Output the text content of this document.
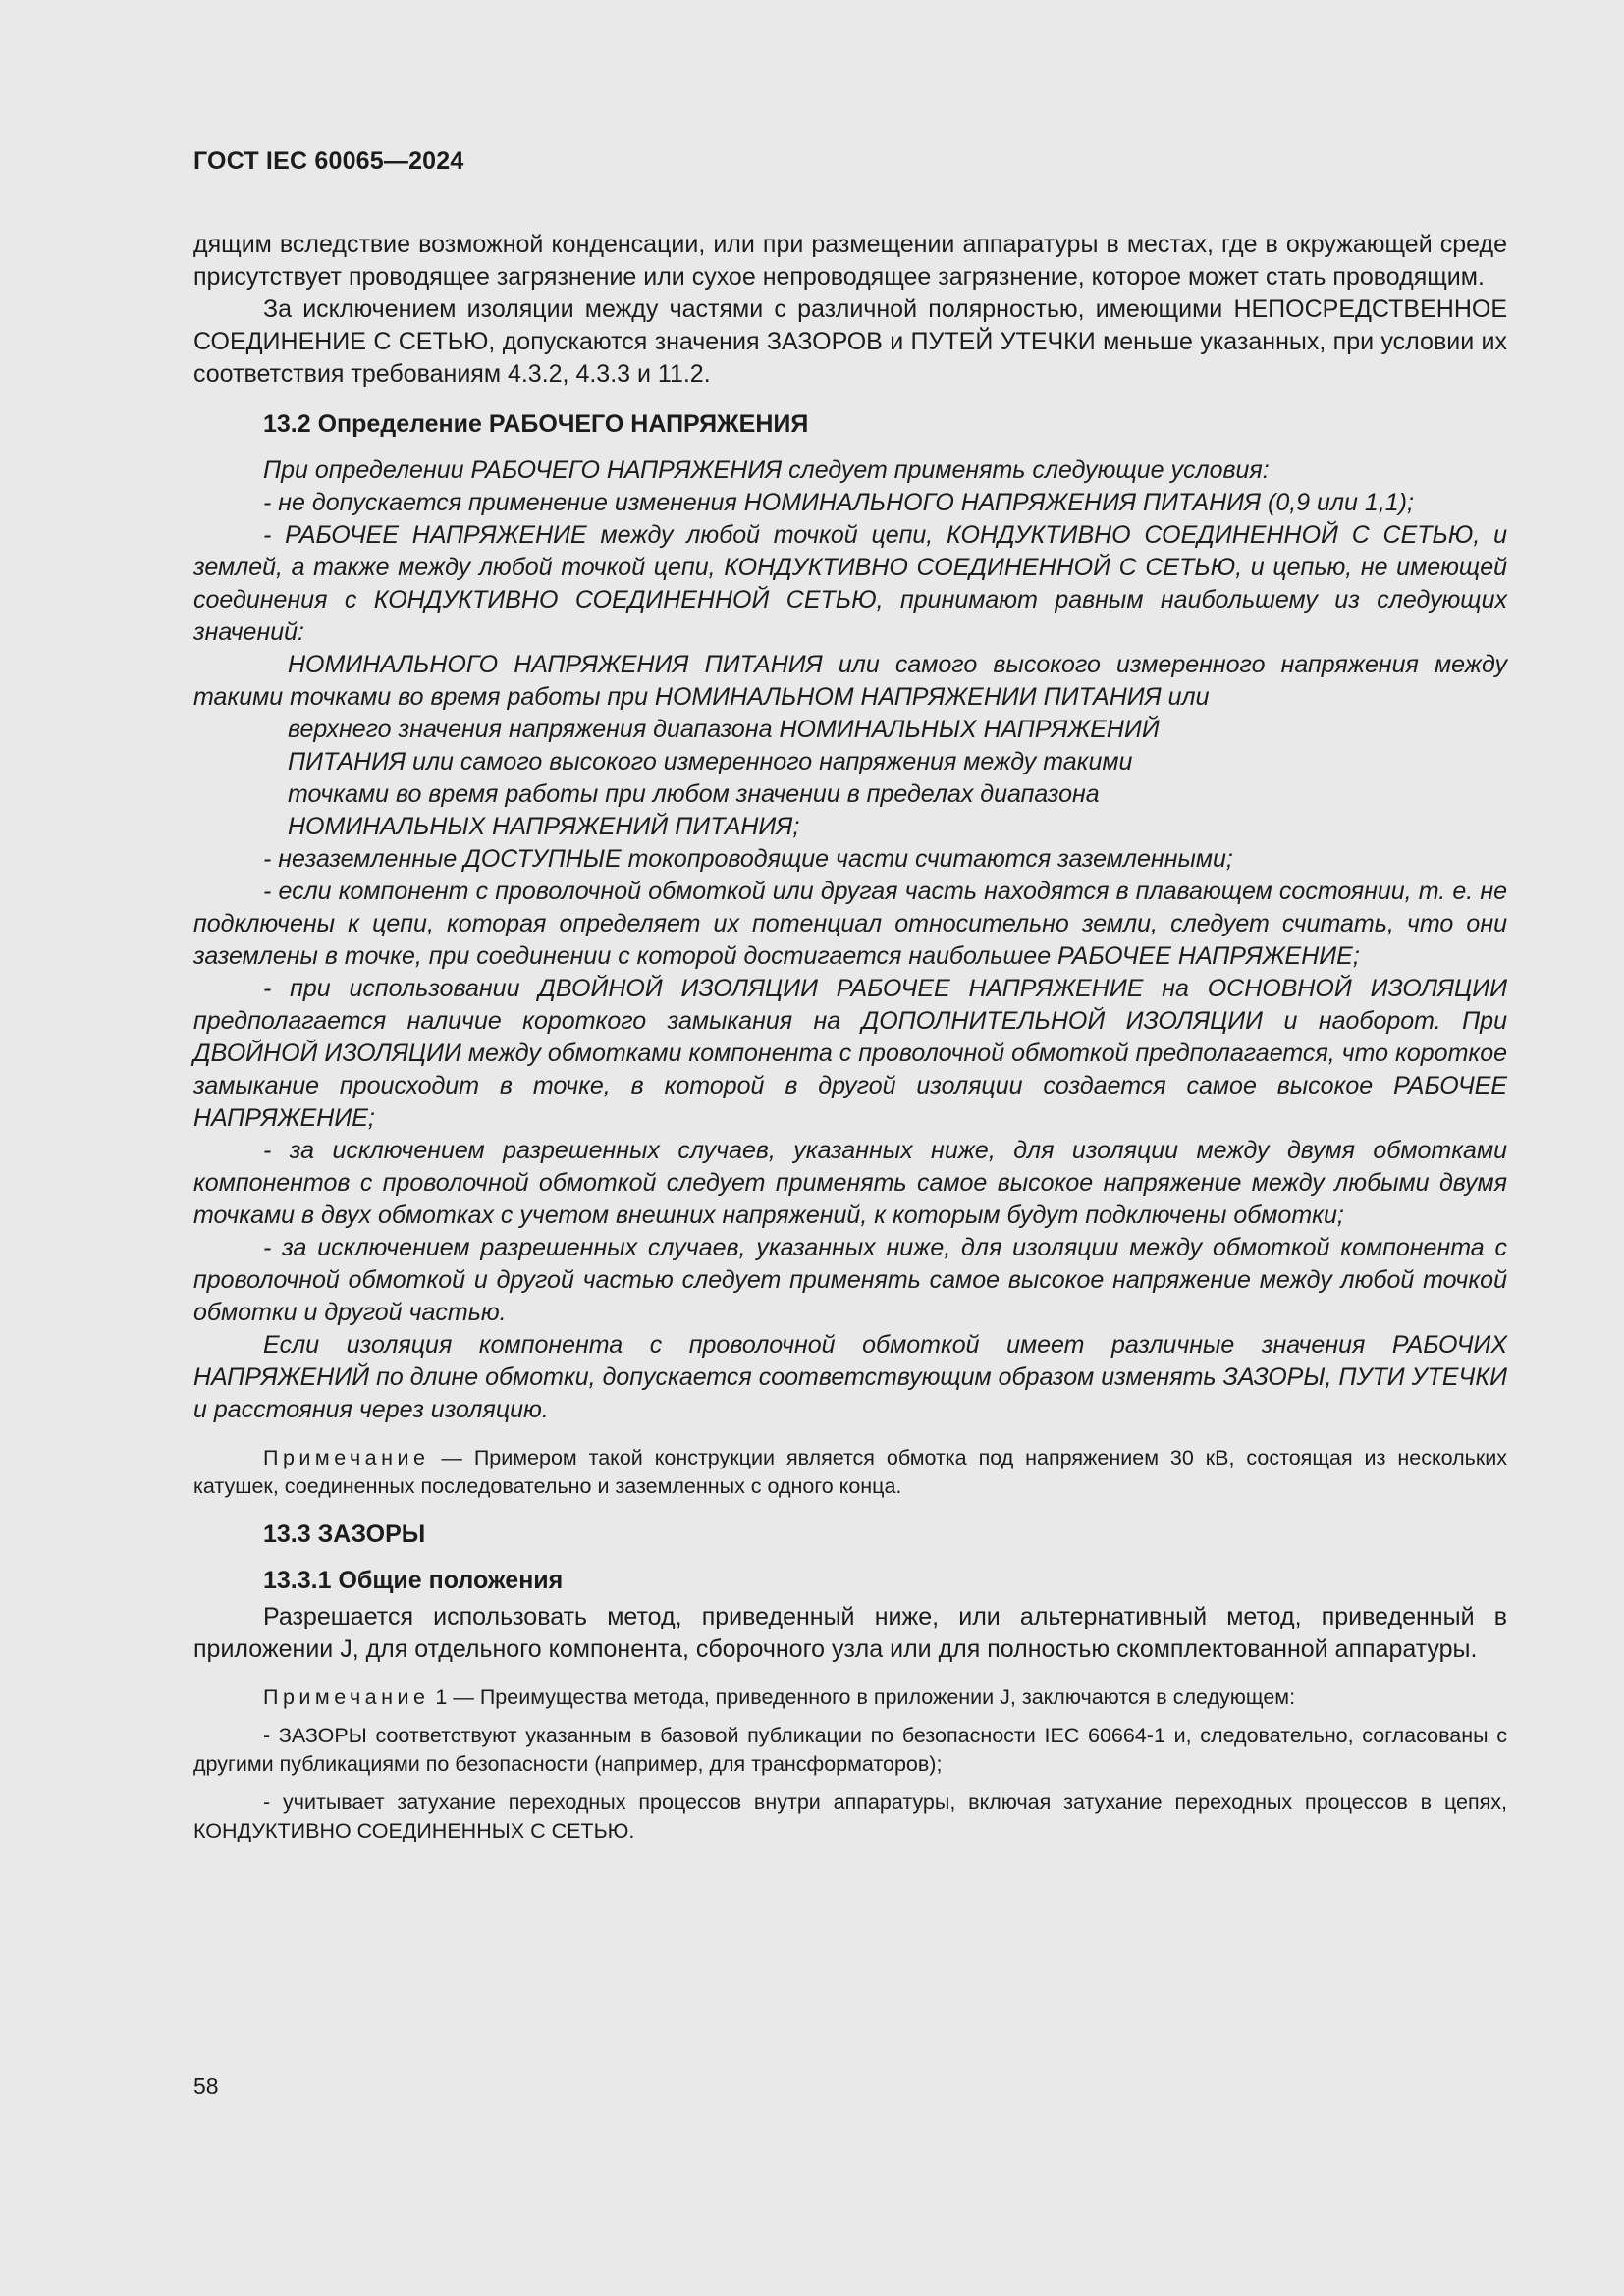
ГОСТ IEC 60065—2024

дящим вследствие возможной конденсации, или при размещении аппаратуры в местах, где в окружающей среде присутствует проводящее загрязнение или сухое непроводящее загрязнение, которое может стать проводящим.

За исключением изоляции между частями с различной полярностью, имеющими НЕПОСРЕДСТВЕННОЕ СОЕДИНЕНИЕ С СЕТЬЮ, допускаются значения ЗАЗОРОВ и ПУТЕЙ УТЕЧКИ меньше указанных, при условии их соответствия требованиям 4.3.2, 4.3.3 и 11.2.

13.2 Определение РАБОЧЕГО НАПРЯЖЕНИЯ

При определении РАБОЧЕГО НАПРЯЖЕНИЯ следует применять следующие условия:

- не допускается применение изменения НОМИНАЛЬНОГО НАПРЯЖЕНИЯ ПИТАНИЯ (0,9 или 1,1);

- РАБОЧЕЕ НАПРЯЖЕНИЕ между любой точкой цепи, КОНДУКТИВНО СОЕДИНЕННОЙ С СЕТЬЮ, и землей, а также между любой точкой цепи, КОНДУКТИВНО СОЕДИНЕННОЙ С СЕТЬЮ, и цепью, не имеющей соединения с КОНДУКТИВНО СОЕДИНЕННОЙ СЕТЬЮ, принимают равным наибольшему из следующих значений:

НОМИНАЛЬНОГО НАПРЯЖЕНИЯ ПИТАНИЯ или самого высокого измеренного напряжения между такими точками во время работы при НОМИНАЛЬНОМ НАПРЯЖЕНИИ ПИТАНИЯ или

верхнего значения напряжения диапазона НОМИНАЛЬНЫХ НАПРЯЖЕНИЙ

ПИТАНИЯ или самого высокого измеренного напряжения между такими

точками во время работы при любом значении в пределах диапазона

НОМИНАЛЬНЫХ НАПРЯЖЕНИЙ ПИТАНИЯ;

- незаземленные ДОСТУПНЫЕ токопроводящие части считаются заземленными;

- если компонент с проволочной обмоткой или другая часть находятся в плавающем состоянии, т. е. не подключены к цепи, которая определяет их потенциал относительно земли, следует считать, что они заземлены в точке, при соединении с которой достигается наибольшее РАБОЧЕЕ НАПРЯЖЕНИЕ;

- при использовании ДВОЙНОЙ ИЗОЛЯЦИИ РАБОЧЕЕ НАПРЯЖЕНИЕ на ОСНОВНОЙ ИЗОЛЯЦИИ предполагается наличие короткого замыкания на ДОПОЛНИТЕЛЬНОЙ ИЗОЛЯЦИИ и наоборот. При ДВОЙНОЙ ИЗОЛЯЦИИ между обмотками компонента с проволочной обмоткой предполагается, что короткое замыкание происходит в точке, в которой в другой изоляции создается самое высокое РАБОЧЕЕ НАПРЯЖЕНИЕ;

- за исключением разрешенных случаев, указанных ниже, для изоляции между двумя обмотками компонентов с проволочной обмоткой следует применять самое высокое напряжение между любыми двумя точками в двух обмотках с учетом внешних напряжений, к которым будут подключены обмотки;

- за исключением разрешенных случаев, указанных ниже, для изоляции между обмоткой компонента с проволочной обмоткой и другой частью следует применять самое высокое напряжение между любой точкой обмотки и другой частью.

Если изоляция компонента с проволочной обмоткой имеет различные значения РАБОЧИХ НАПРЯЖЕНИЙ по длине обмотки, допускается соответствующим образом изменять ЗАЗОРЫ, ПУТИ УТЕЧКИ и расстояния через изоляцию.

Примечание — Примером такой конструкции является обмотка под напряжением 30 кВ, состоящая из нескольких катушек, соединенных последовательно и заземленных с одного конца.

13.3 ЗАЗОРЫ
13.3.1 Общие положения

Разрешается использовать метод, приведенный ниже, или альтернативный метод, приведенный в приложении J, для отдельного компонента, сборочного узла или для полностью скомплектованной аппаратуры.

Примечание 1 — Преимущества метода, приведенного в приложении J, заключаются в следующем:

- ЗАЗОРЫ соответствуют указанным в базовой публикации по безопасности IEC 60664-1 и, следовательно, согласованы с другими публикациями по безопасности (например, для трансформаторов);

- учитывает затухание переходных процессов внутри аппаратуры, включая затухание переходных процессов в цепях, КОНДУКТИВНО СОЕДИНЕННЫХ С СЕТЬЮ.

58
